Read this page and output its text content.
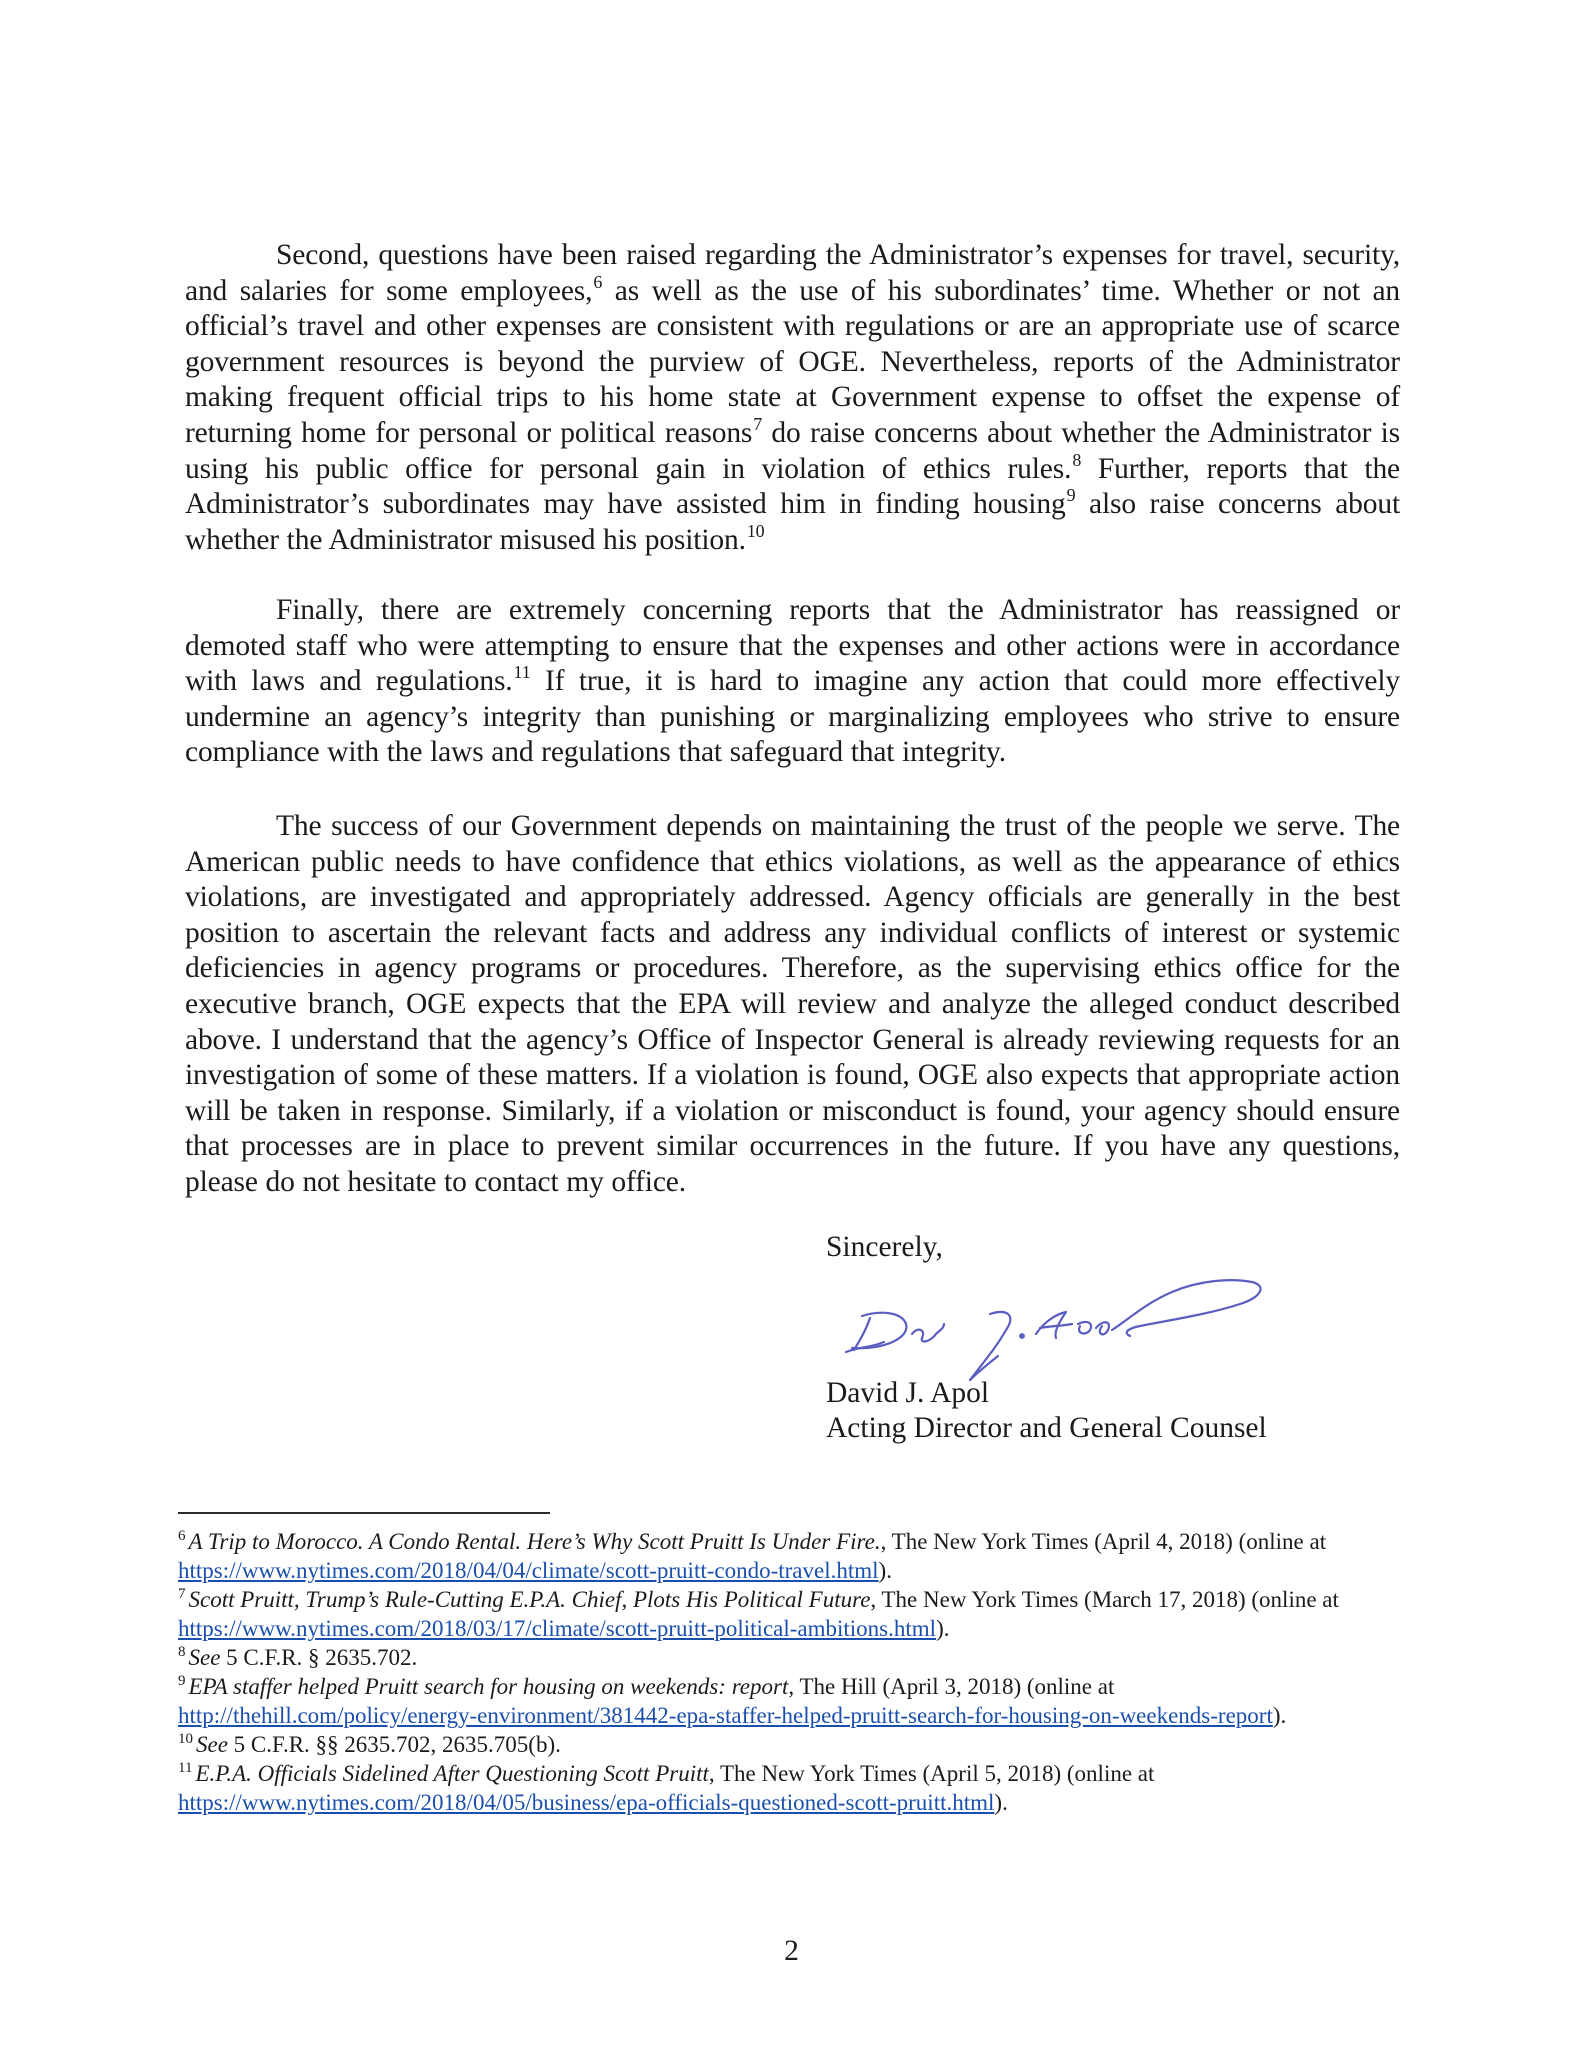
Second, questions have been raised regarding the Administrator’s expenses for travel, security, and salaries for some employees,$^6$ as well as the use of his subordinates’ time. Whether or not an official’s travel and other expenses are consistent with regulations or are an appropriate use of scarce government resources is beyond the purview of OGE. Nevertheless, reports of the Administrator making frequent official trips to his home state at Government expense to offset the expense of returning home for personal or political reasons$^7$ do raise concerns about whether the Administrator is using his public office for personal gain in violation of ethics rules.$^8$ Further, reports that the Administrator’s subordinates may have assisted him in finding housing$^9$ also raise concerns about whether the Administrator misused his position.$^{10}$

Finally, there are extremely concerning reports that the Administrator has reassigned or demoted staff who were attempting to ensure that the expenses and other actions were in accordance with laws and regulations.$^{11}$ If true, it is hard to imagine any action that could more effectively undermine an agency’s integrity than punishing or marginalizing employees who strive to ensure compliance with the laws and regulations that safeguard that integrity.

The success of our Government depends on maintaining the trust of the people we serve. The American public needs to have confidence that ethics violations, as well as the appearance of ethics violations, are investigated and appropriately addressed. Agency officials are generally in the best position to ascertain the relevant facts and address any individual conflicts of interest or systemic deficiencies in agency programs or procedures. Therefore, as the supervising ethics office for the executive branch, OGE expects that the EPA will review and analyze the alleged conduct described above. I understand that the agency’s Office of Inspector General is already reviewing requests for an investigation of some of these matters. If a violation is found, OGE also expects that appropriate action will be taken in response. Similarly, if a violation or misconduct is found, your agency should ensure that processes are in place to prevent similar occurrences in the future. If you have any questions, please do not hesitate to contact my office.

Sincerely,
David J. Apol
Acting Director and General Counsel

$^6$ A Trip to Morocco. A Condo Rental. Here’s Why Scott Pruitt Is Under Fire., The New York Times (April 4, 2018) (online at https://www.nytimes.com/2018/04/04/climate/scott-pruitt-condo-travel.html).

$^7$ Scott Pruitt, Trump’s Rule-Cutting E.P.A. Chief, Plots His Political Future, The New York Times (March 17, 2018) (online at https://www.nytimes.com/2018/03/17/climate/scott-pruitt-political-ambitions.html).

$^8$ See 5 C.F.R. § 2635.702.

$^9$ EPA staffer helped Pruitt search for housing on weekends: report, The Hill (April 3, 2018) (online at http://thehill.com/policy/energy-environment/381442-epa-staffer-helped-pruitt-search-for-housing-on-weekends-report).

$^{10}$ See 5 C.F.R. §§ 2635.702, 2635.705(b).

$^{11}$ E.P.A. Officials Sidelined After Questioning Scott Pruitt, The New York Times (April 5, 2018) (online at https://www.nytimes.com/2018/04/05/business/epa-officials-questioned-scott-pruitt.html).

2
